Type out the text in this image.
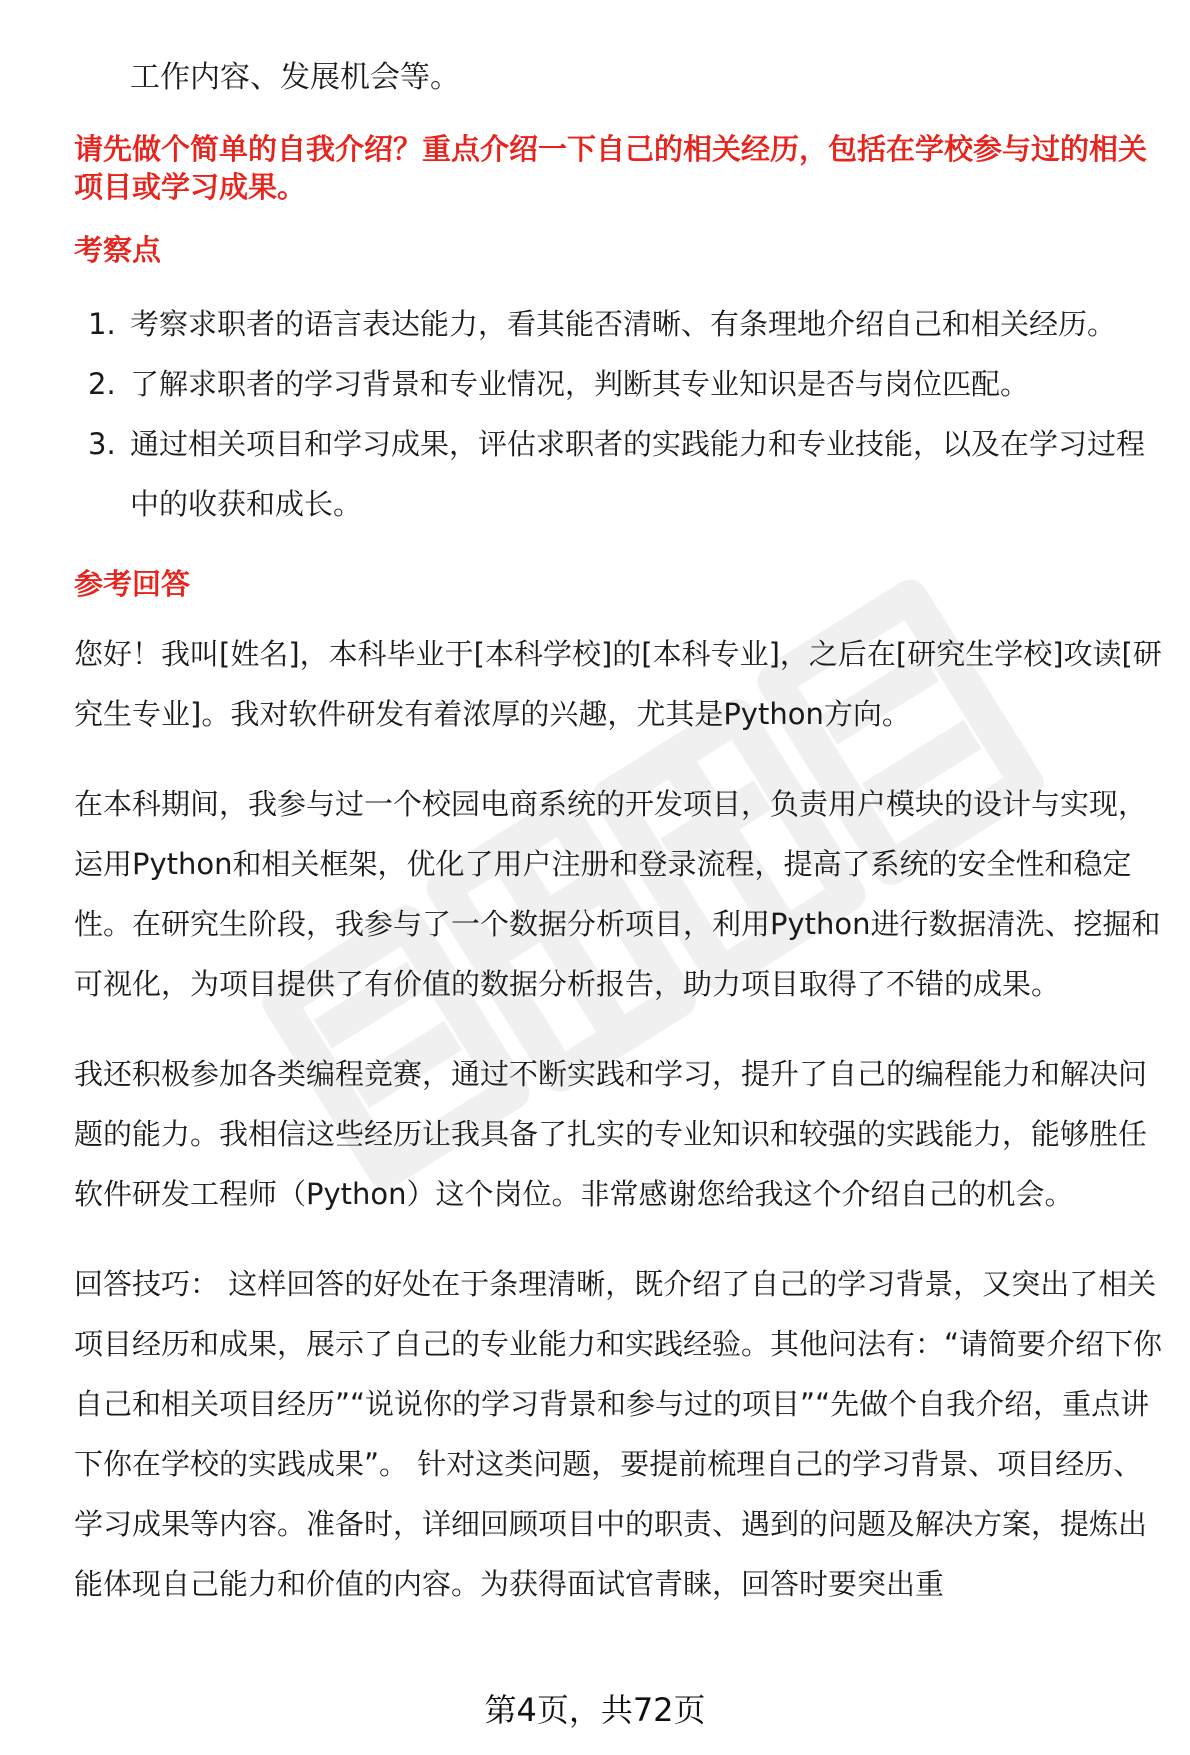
工作内容、发展机会等。

请先做个简单的自我介绍？重点介绍一下自己的相关经历，包括在学校参与过的相关项目或学习成果。

考察点

1. 考察求职者的语言表达能力，看其能否清晰、有条理地介绍自己和相关经历。
2. 了解求职者的学习背景和专业情况，判断其专业知识是否与岗位匹配。
3. 通过相关项目和学习成果，评估求职者的实践能力和专业技能，以及在学习过程中的收获和成长。

参考回答

您好！我叫[姓名]，本科毕业于[本科学校]的[本科专业]，之后在[研究生学校]攻读[研究生专业]。我对软件研发有着浓厚的兴趣，尤其是Python方向。

在本科期间，我参与过一个校园电商系统的开发项目，负责用户模块的设计与实现，运用Python和相关框架，优化了用户注册和登录流程，提高了系统的安全性和稳定性。在研究生阶段，我参与了一个数据分析项目，利用Python进行数据清洗、挖掘和可视化，为项目提供了有价值的数据分析报告，助力项目取得了不错的成果。

我还积极参加各类编程竞赛，通过不断实践和学习，提升了自己的编程能力和解决问题的能力。我相信这些经历让我具备了扎实的专业知识和较强的实践能力，能够胜任软件研发工程师（Python）这个岗位。非常感谢您给我这个介绍自己的机会。

回答技巧： 这样回答的好处在于条理清晰，既介绍了自己的学习背景，又突出了相关项目经历和成果，展示了自己的专业能力和实践经验。其他问法有：“请简要介绍下你自己和相关项目经历”“说说你的学习背景和参与过的项目”“先做个自我介绍，重点讲下你在学校的实践成果”。 针对这类问题，要提前梳理自己的学习背景、项目经历、学习成果等内容。准备时，详细回顾项目中的职责、遇到的问题及解决方案，提炼出能体现自己能力和价值的内容。为获得面试官青睐，回答时要突出重

第4页，共72页
